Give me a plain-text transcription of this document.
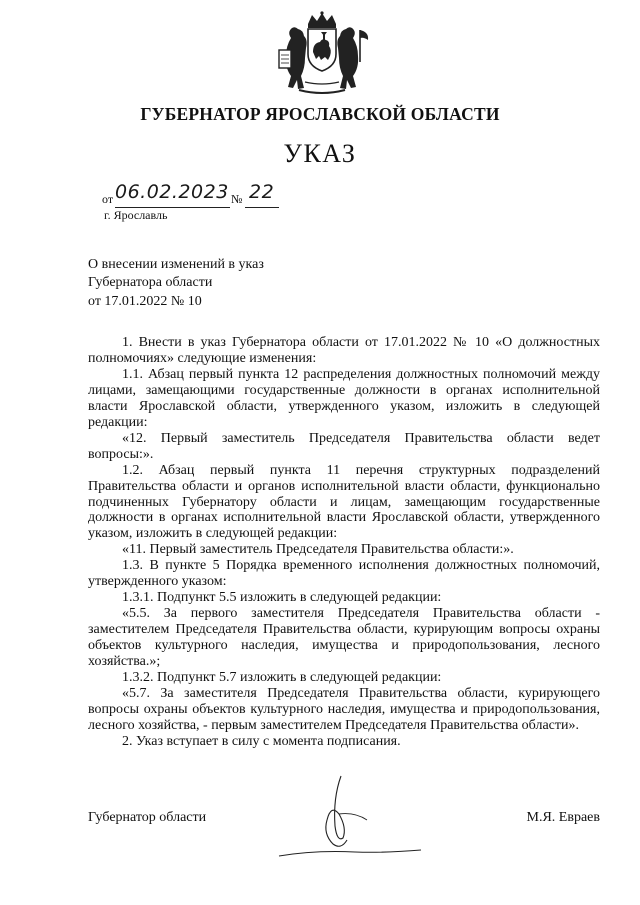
ГУБЕРНАТОР ЯРОСЛАВСКОЙ ОБЛАСТИ
УКАЗ
от 06.02.2023 № 22
г. Ярославль
О внесении изменений в указ
Губернатора области
от 17.01.2022 № 10

1. Внести в указ Губернатора области от 17.01.2022 № 10 «О должностных полномочиях» следующие изменения:

1.1. Абзац первый пункта 12 распределения должностных полномочий между лицами, замещающими государственные должности в органах исполнительной власти Ярославской области, утвержденного указом, изложить в следующей редакции:

«12. Первый заместитель Председателя Правительства области ведет вопросы:».

1.2. Абзац первый пункта 11 перечня структурных подразделений Правительства области и органов исполнительной власти области, функционально подчиненных Губернатору области и лицам, замещающим государственные должности в органах исполнительной власти Ярославской области, утвержденного указом, изложить в следующей редакции:

«11. Первый заместитель Председателя Правительства области:».

1.3. В пункте 5 Порядка временного исполнения должностных полномочий, утвержденного указом:

1.3.1. Подпункт 5.5 изложить в следующей редакции:

«5.5. За первого заместителя Председателя Правительства области - заместителем Председателя Правительства области, курирующим вопросы охраны объектов культурного наследия, имущества и природопользования, лесного хозяйства.»;

1.3.2. Подпункт 5.7 изложить в следующей редакции:

«5.7. За заместителя Председателя Правительства области, курирующего вопросы охраны объектов культурного наследия, имущества и природопользования, лесного хозяйства, - первым заместителем Председателя Правительства области».

2. Указ вступает в силу с момента подписания.

Губернатор области	М.Я. Евраев
